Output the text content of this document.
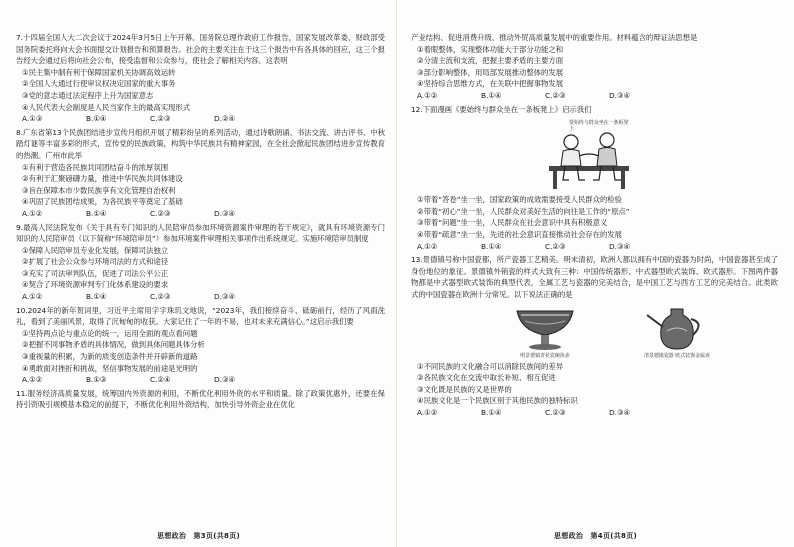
7.十四届全国人大二次会议于2024年3月5日上午开幕。国务院总理作政府工作报告，国家发展改革委、财政部受国务院委托将向大会书面提交计划报告和预算报告。社会的主要关注在于这三个报告中有各具体的回应，这三个报告经大会通过后将向社会公布，接受监督和公众参与，使社会了解相关内容。这表明

①民主集中制有利于保障国家机关协调高效运转

②全国人大通过行使审议权决定国家的重大事务

③党的意志通过法定程序上升为国家意志

④人民代表大会制度是人民当家作主的最高实现形式

A.①③	B.①④	C.②③	D.②④

8.广东省第13个民族团结进步宣传月组织开展了精彩纷呈的系列活动，通过诗歌朗诵、书法交流、讲古评书、中秋踏灯谜等丰富多彩的形式，宣传党的民族政策，构筑中华民族共有精神家园，在全社会掀起民族团结进步宣传教育的热潮。广州市此举

①有利于营造各民族共同团结奋斗的浓厚氛围

②有利于汇聚磅礴力量，推进中华民族共同体建设

③旨在保障本市少数民族享有文化管理自治权利

④巩固了民族团结成果，为各民族平等奠定了基础

A.①②	B.①④	C.②③	D.③④

9.最高人民法院发布《关于具有专门知识的人民陪审员参加环境资源案件审理的若干规定》，就具有环境资源专门知识的人民陪审员（以下简称“环境陪审员”）参加环境案件审理相关事项作出系统规定。实施环境陪审员制度

①保障人民陪审员专业化发展，保障司法独立

②扩展了社会公众参与环境司法的方式和途径

③充实了司法审判队伍，促进了司法公平公正

④契合了环境资源审判专门化体系建设的要求

A.①②	B.①④	C.②③	D.③④

10.2024年的新年贺词里，习近平主席用字字珠玑文地说，“2023年，我们接续奋斗、砥砺前行，经历了风雨洗礼，看到了美丽风景，取得了沉甸甸的收获。大家记住了一年的不易，也对未来充满信心。”这启示我们要

①坚持两点论与重点论的统一，运用全面的观点看问题

②把握不同事物矛盾的具体情况，做到具体问题具体分析

③重视量的积累，为新的质变创造条件并开辟新的道路

④勇敢面对挫折和挑战，坚信事物发展的前途是光明的

A.①②	B.①③	C.②④	D.③④

11.服务经济高质量发展，统筹国内外资源的利用，不断优化利用外资的水平和质量。除了政策优惠外，还要在保持引资吸引规模基本稳定的前提下，不断优化利用外资结构，加快引导外资企业在优化

思想政治　第3页(共8页)

产业结构、促进消费升级、推动外贸高质量发展中的重要作用。材料蕴含的辩证法思想是

①着眼整体，实现整体功能大于部分功能之和

②分清主流和支流，把握主要矛盾的主要方面

③部分影响整体，用局部发展推动整体的发展

④坚持综合思维方式，在关联中把握事物发展

A.①②	B.①④	C.②③	D.③④

12.下面漫画《要始终与群众坐在一条板凳上》启示我们

要始终与群众坐在一条板凳上

①带着“答卷”坐一坐，国家政策的成效需要接受人民群众的检验

②带着“初心”坐一坐，人民群众对美好生活的向往是工作的“原点”

③带着“问题”坐一坐，人民群众在社会意识中具有积极意义

④带着“疏意”坐一坐，先进的社会意识直接推动社会存在的发展

A.①②	B.①④	C.②③	D.③④

13.景德镇号称中国瓷都，所产瓷器工艺精美。明末清初，欧洲人都以拥有中国的瓷器为时尚，中国瓷器甚至成了身份地位的象征。景德镇外销瓷的样式大致有三种：中国传统器形、中式器型欧式装饰、欧式器形。下图两件器物都是中式器型欧式装饰的典型代表，全属工艺与瓷器的完美结合，是中国工艺与西方工艺的完美结合。此类欧式的中国瓷器在欧洲十分常见。以下说法正确的是

明景德镇青花瓷碗执壶	清景德镇瓷器 欧式装饰金属壶

①不同民族的文化融合可以消除民族间的差异

②各民族文化在交流中取长补短、相互促进

③文化既是民族的又是世界的

④民族文化是一个民族区别于其他民族的独特标识

A.①②	B.①④	C.②③	D.③④
思想政治　第4页(共8页)
